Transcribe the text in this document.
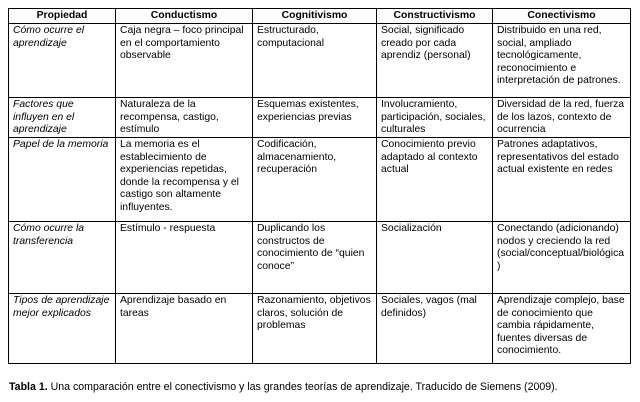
Propiedad	Conductismo	Cognitivismo	Constructivismo	Conectivismo
Cómo ocurre el aprendizaje	Caja negra – foco principal en el comportamiento observable	Estructurado, computacional	Social, significado creado por cada aprendiz (personal)	Distribuido en una red, social, ampliado tecnológicamente, reconocimiento e interpretación de patrones.
Factores que influyen en el aprendizaje	Naturaleza de la recompensa, castigo, estímulo	Esquemas existentes, experiencias previas	Involucramiento, participación, sociales, culturales	Diversidad de la red, fuerza de los lazos, contexto de ocurrencia
Papel de la memoria	La memoria es el establecimiento de experiencias repetidas, donde la recompensa y el castigo son altamente influyentes.	Codificación, almacenamiento, recuperación	Conocimiento previo adaptado al contexto actual	Patrones adaptativos, representativos del estado actual existente en redes
Cómo ocurre la transferencia	Estímulo - respuesta	Duplicando los constructos de conocimiento de “quien conoce”	Socialización	Conectando (adicionando) nodos y creciendo la red (social/conceptual/biológica)
Tipos de aprendizaje mejor explicados	Aprendizaje basado en tareas	Razonamiento, objetivos claros, solución de problemas	Sociales, vagos (mal definidos)	Aprendizaje complejo, base de conocimiento que cambia rápidamente, fuentes diversas de conocimiento.
Tabla 1. Una comparación entre el conectivismo y las grandes teorías de aprendizaje. Traducido de Siemens (2009).
